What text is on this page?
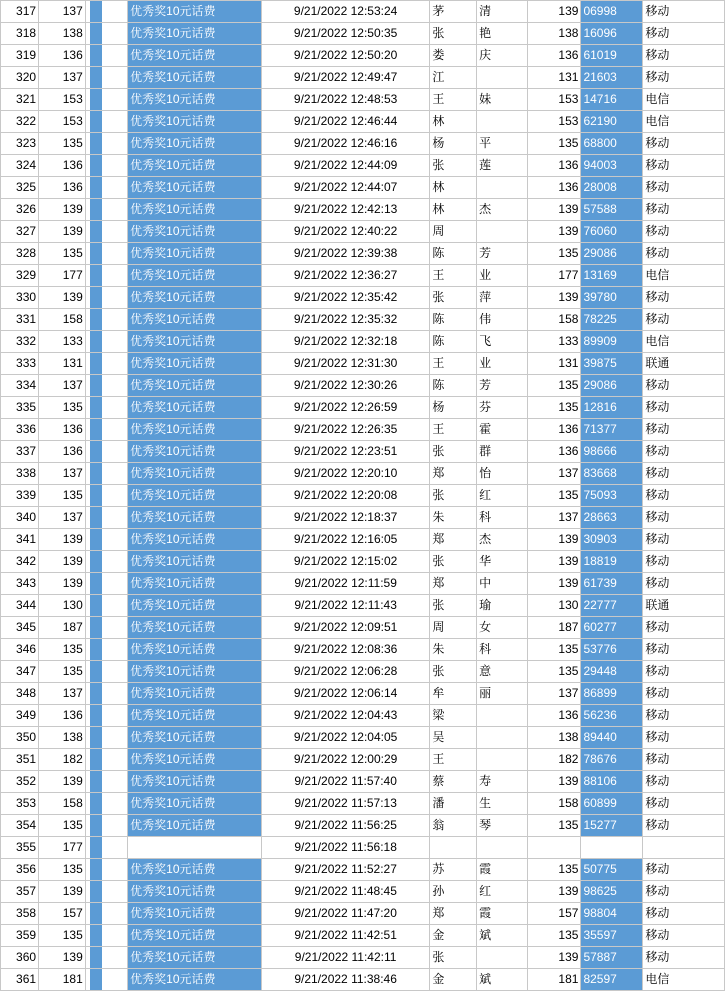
317	137		优秀奖10元话费	9/21/2022 12:53:24	茅	清	139	06998	移动
318	138		优秀奖10元话费	9/21/2022 12:50:35	张	艳	138	16096	移动
319	136		优秀奖10元话费	9/21/2022 12:50:20	娄	庆	136	61019	移动
320	137		优秀奖10元话费	9/21/2022 12:49:47	江		131	21603	移动
321	153		优秀奖10元话费	9/21/2022 12:48:53	王	妹	153	14716	电信
322	153		优秀奖10元话费	9/21/2022 12:46:44	林		153	62190	电信
323	135		优秀奖10元话费	9/21/2022 12:46:16	杨	平	135	68800	移动
324	136		优秀奖10元话费	9/21/2022 12:44:09	张	莲	136	94003	移动
325	136		优秀奖10元话费	9/21/2022 12:44:07	林		136	28008	移动
326	139		优秀奖10元话费	9/21/2022 12:42:13	林	杰	139	57588	移动
327	139		优秀奖10元话费	9/21/2022 12:40:22	周		139	76060	移动
328	135		优秀奖10元话费	9/21/2022 12:39:38	陈	芳	135	29086	移动
329	177		优秀奖10元话费	9/21/2022 12:36:27	王	业	177	13169	电信
330	139		优秀奖10元话费	9/21/2022 12:35:42	张	萍	139	39780	移动
331	158		优秀奖10元话费	9/21/2022 12:35:32	陈	伟	158	78225	移动
332	133		优秀奖10元话费	9/21/2022 12:32:18	陈	飞	133	89909	电信
333	131		优秀奖10元话费	9/21/2022 12:31:30	王	业	131	39875	联通
334	137		优秀奖10元话费	9/21/2022 12:30:26	陈	芳	135	29086	移动
335	135		优秀奖10元话费	9/21/2022 12:26:59	杨	芬	135	12816	移动
336	136		优秀奖10元话费	9/21/2022 12:26:35	王	霍	136	71377	移动
337	136		优秀奖10元话费	9/21/2022 12:23:51	张	群	136	98666	移动
338	137		优秀奖10元话费	9/21/2022 12:20:10	郑	怡	137	83668	移动
339	135		优秀奖10元话费	9/21/2022 12:20:08	张	红	135	75093	移动
340	137		优秀奖10元话费	9/21/2022 12:18:37	朱	科	137	28663	移动
341	139		优秀奖10元话费	9/21/2022 12:16:05	郑	杰	139	30903	移动
342	139		优秀奖10元话费	9/21/2022 12:15:02	张	华	139	18819	移动
343	139		优秀奖10元话费	9/21/2022 12:11:59	郑	中	139	61739	移动
344	130		优秀奖10元话费	9/21/2022 12:11:43	张	瑜	130	22777	联通
345	187		优秀奖10元话费	9/21/2022 12:09:51	周	女	187	60277	移动
346	135		优秀奖10元话费	9/21/2022 12:08:36	朱	科	135	53776	移动
347	135		优秀奖10元话费	9/21/2022 12:06:28	张	意	135	29448	移动
348	137		优秀奖10元话费	9/21/2022 12:06:14	牟	丽	137	86899	移动
349	136		优秀奖10元话费	9/21/2022 12:04:43	梁		136	56236	移动
350	138		优秀奖10元话费	9/21/2022 12:04:05	吴		138	89440	移动
351	182		优秀奖10元话费	9/21/2022 12:00:29	王		182	78676	移动
352	139		优秀奖10元话费	9/21/2022 11:57:40	蔡	寿	139	88106	移动
353	158		优秀奖10元话费	9/21/2022 11:57:13	潘	生	158	60899	移动
354	135		优秀奖10元话费	9/21/2022 11:56:25	翁	琴	135	15277	移动
355	177			9/21/2022 11:56:18					
356	135		优秀奖10元话费	9/21/2022 11:52:27	苏	霞	135	50775	移动
357	139		优秀奖10元话费	9/21/2022 11:48:45	孙	红	139	98625	移动
358	157		优秀奖10元话费	9/21/2022 11:47:20	郑	霞	157	98804	移动
359	135		优秀奖10元话费	9/21/2022 11:42:51	金	斌	135	35597	移动
360	139		优秀奖10元话费	9/21/2022 11:42:11	张		139	57887	移动
361	181		优秀奖10元话费	9/21/2022 11:38:46	金	斌	181	82597	电信
